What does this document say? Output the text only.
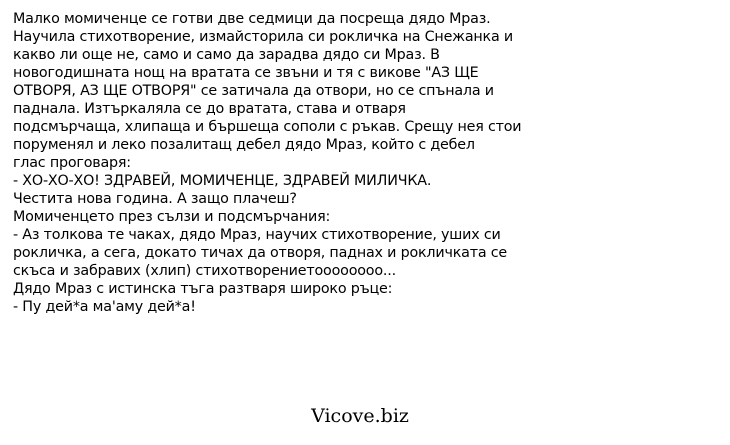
Малко момиченце се готви две седмици да посреща дядо Мраз.
Научила стихотворение, измайсторила си рокличка на Снежанка и
какво ли още не, само и само да зарадва дядо си Мраз. В
новогодишната нощ на вратата се звъни и тя с викове "АЗ ЩЕ
ОТВОРЯ, АЗ ЩЕ ОТВОРЯ" се затичала да отвори, но се спънала и
паднала. Изтъркаляла се до вратата, става и отваря
подсмърчаща, хлипаща и бършеща сополи с ръкав. Срещу нея стои
поруменял и леко позалитащ дебел дядо Мраз, който с дебел
глас проговаря:
- ХО-ХО-ХО! ЗДРАВЕЙ, МОМИЧЕНЦЕ, ЗДРАВЕЙ МИЛИЧКА.
Честита нова година. А защо плачеш?
Момиченцето през сълзи и подсмърчания:
- Аз толкова те чаках, дядо Мраз, научих стихотворение, уших си
рокличка, а сега, докато тичах да отворя, паднах и рокличката се
скъса и забравих (хлип) стихотворениетоооооооо...
Дядо Мраз с истинска тъга разтваря широко ръце:
- Пу дей*а ма'аму дей*а!
Vicove.biz
